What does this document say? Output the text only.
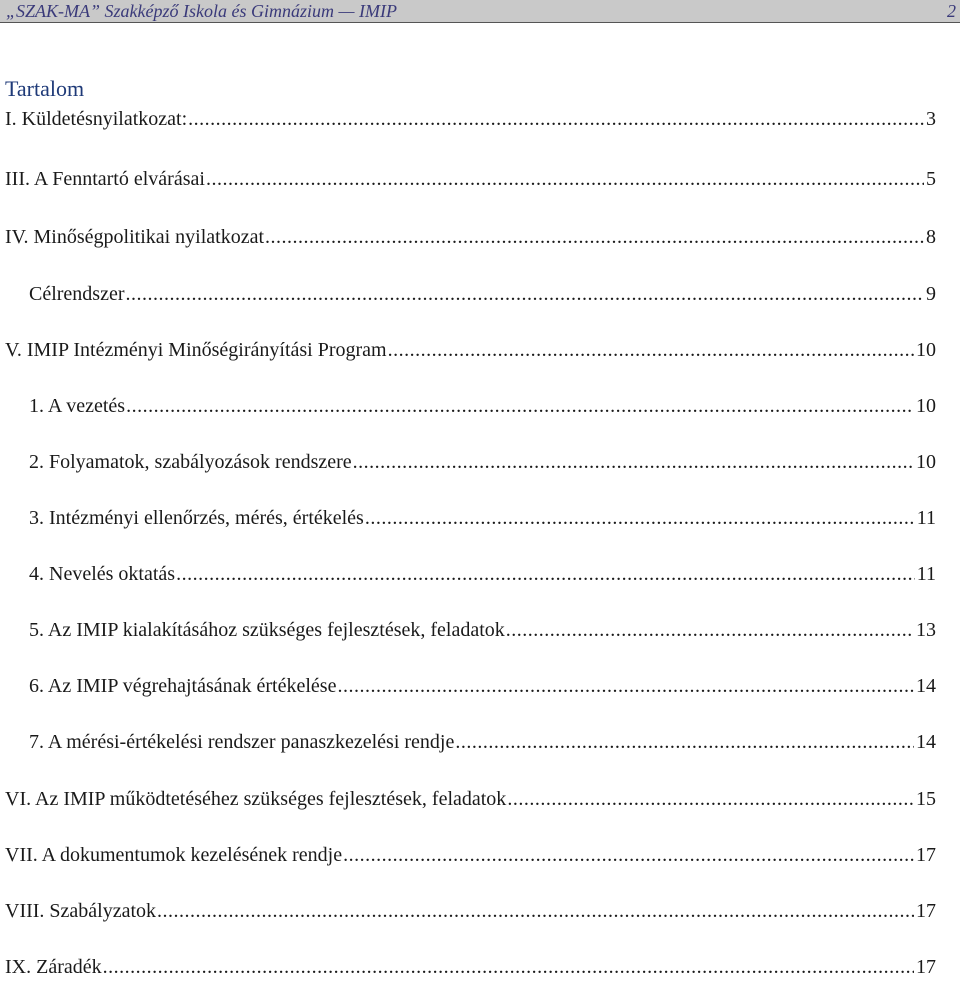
„SZAK-MA” Szakképző Iskola és Gimnázium — IMIP	2
Tartalom
I. Küldetésnyilatkozat: .....	3
III. A Fenntartó elvárásai .....	5
IV. Minőségpolitikai nyilatkozat .....	8
Célrendszer .....	9
V. IMIP Intézményi Minőségirányítási Program .....	10
1. A vezetés .....	10
2. Folyamatok, szabályozások rendszere .....	10
3. Intézményi ellenőrzés, mérés, értékelés .....	11
4. Nevelés oktatás .....	11
5. Az IMIP kialakításához szükséges fejlesztések, feladatok .....	13
6. Az IMIP végrehajtásának értékelése .....	14
7. A mérési-értékelési rendszer panaszkezelési rendje .....	14
VI. Az IMIP működtetéséhez szükséges fejlesztések, feladatok .....	15
VII. A dokumentumok kezelésének rendje .....	17
VIII. Szabályzatok .....	17
IX. Záradék .....	17
